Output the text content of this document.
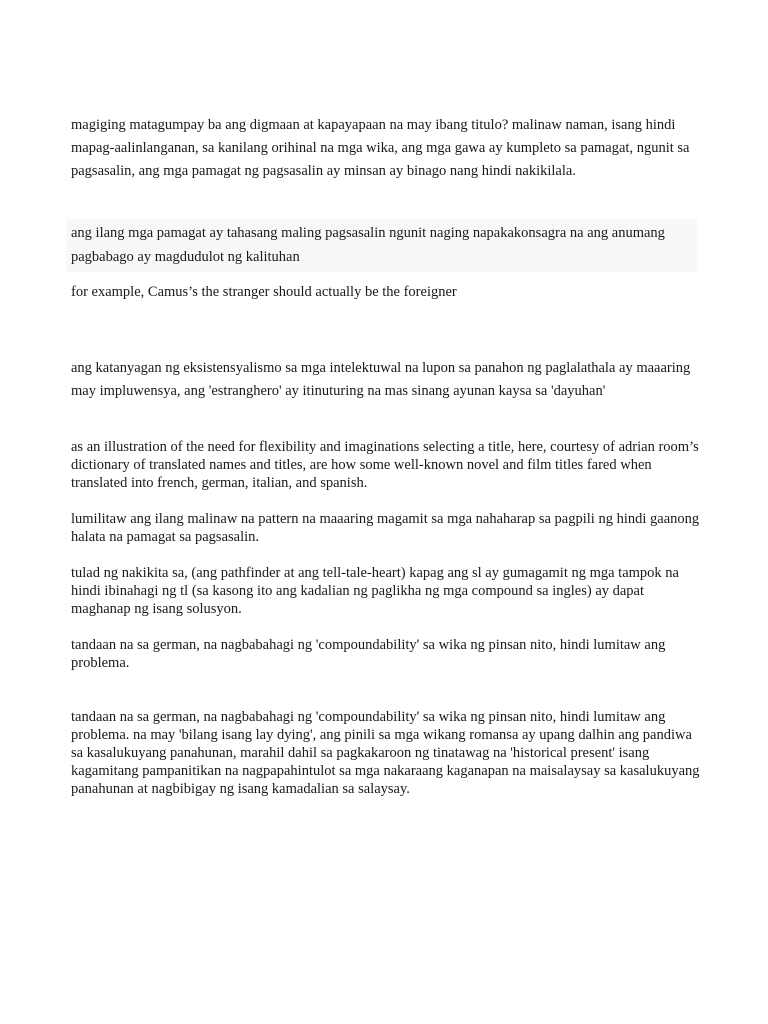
magiging matagumpay ba ang digmaan at kapayapaan na may ibang titulo? malinaw naman, isang hindi mapag-aalinlanganan, sa kanilang orihinal na mga wika, ang mga gawa ay kumpleto sa pamagat, ngunit sa pagsasalin, ang mga pamagat ng pagsasalin ay minsan ay binago nang hindi nakikilala.

ang ilang mga pamagat ay tahasang maling pagsasalin ngunit naging napakakonsagra na ang anumang pagbabago ay magdudulot ng kalituhan

for example, Camus’s the stranger should actually be the foreigner

ang katanyagan ng eksistensyalismo sa mga intelektuwal na lupon sa panahon ng paglalathala ay maaaring may impluwensya, ang 'estranghero' ay itinuturing na mas sinang ayunan kaysa sa 'dayuhan'

as an illustration of the need for flexibility and imaginations selecting a title, here, courtesy of adrian room’s dictionary of translated names and titles, are how some well-known novel and film titles fared when translated into french, german, italian, and spanish.

lumilitaw ang ilang malinaw na pattern na maaaring magamit sa mga nahaharap sa pagpili ng hindi gaanong halata na pamagat sa pagsasalin.

tulad ng nakikita sa, (ang pathfinder at ang tell-tale-heart) kapag ang sl ay gumagamit ng mga tampok na hindi ibinahagi ng tl (sa kasong ito ang kadalian ng paglikha ng mga compound sa ingles) ay dapat maghanap ng isang solusyon.

tandaan na sa german, na nagbabahagi ng 'compoundability' sa wika ng pinsan nito, hindi lumitaw ang problema.

tandaan na sa german, na nagbabahagi ng 'compoundability' sa wika ng pinsan nito, hindi lumitaw ang problema. na may 'bilang isang lay dying', ang pinili sa mga wikang romansa ay upang dalhin ang pandiwa sa kasalukuyang panahunan, marahil dahil sa pagkakaroon ng tinatawag na 'historical present' isang kagamitang pampanitikan na nagpapahintulot sa mga nakaraang kaganapan na maisalaysay sa kasalukuyang panahunan at nagbibigay ng isang kamadalian sa salaysay.
